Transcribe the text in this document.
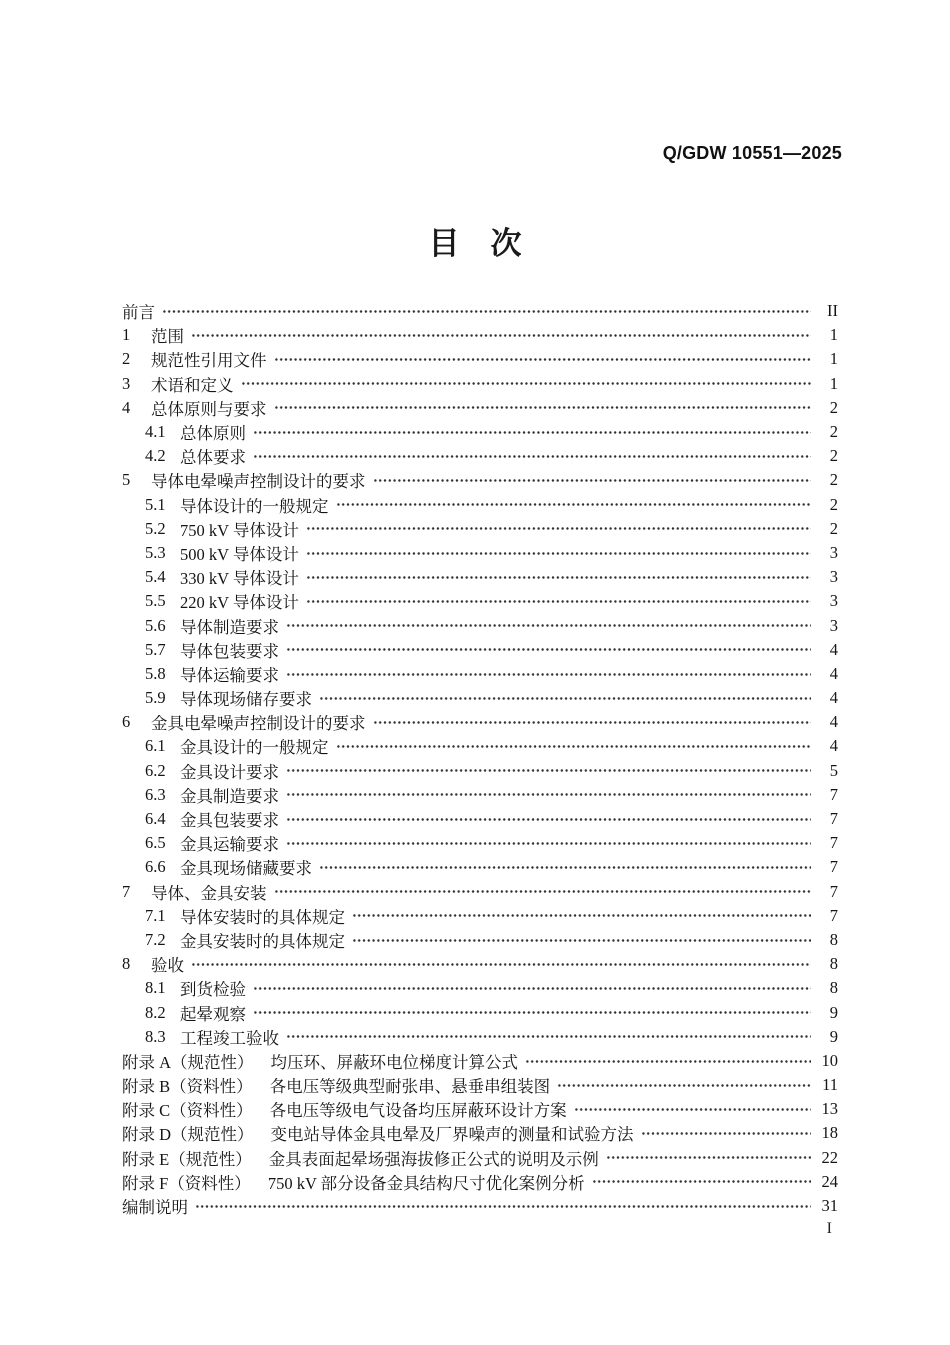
Q/GDW 10551—2025
目　次
前言	II
1	范围	1
2	规范性引用文件	1
3	术语和定义	1
4	总体原则与要求	2
4.1 总体原则	2
4.2 总体要求	2
5	导体电晕噪声控制设计的要求	2
5.1 导体设计的一般规定	2
5.2 750 kV 导体设计	2
5.3 500 kV 导体设计	3
5.4 330 kV 导体设计	3
5.5 220 kV 导体设计	3
5.6 导体制造要求	3
5.7 导体包装要求	4
5.8 导体运输要求	4
5.9 导体现场储存要求	4
6	金具电晕噪声控制设计的要求	4
6.1 金具设计的一般规定	4
6.2 金具设计要求	5
6.3 金具制造要求	7
6.4 金具包装要求	7
6.5 金具运输要求	7
6.6 金具现场储藏要求	7
7	导体、金具安装	7
7.1 导体安装时的具体规定	7
7.2 金具安装时的具体规定	8
8	验收	8
8.1 到货检验	8
8.2 起晕观察	9
8.3 工程竣工验收	9
附录 A（规范性） 均压环、屏蔽环电位梯度计算公式	10
附录 B（资料性） 各电压等级典型耐张串、悬垂串组装图	11
附录 C（资料性） 各电压等级电气设备均压屏蔽环设计方案	13
附录 D（规范性） 变电站导体金具电晕及厂界噪声的测量和试验方法	18
附录 E（规范性） 金具表面起晕场强海拔修正公式的说明及示例	22
附录 F（资料性） 750 kV 部分设备金具结构尺寸优化案例分析	24
编制说明	31
I
